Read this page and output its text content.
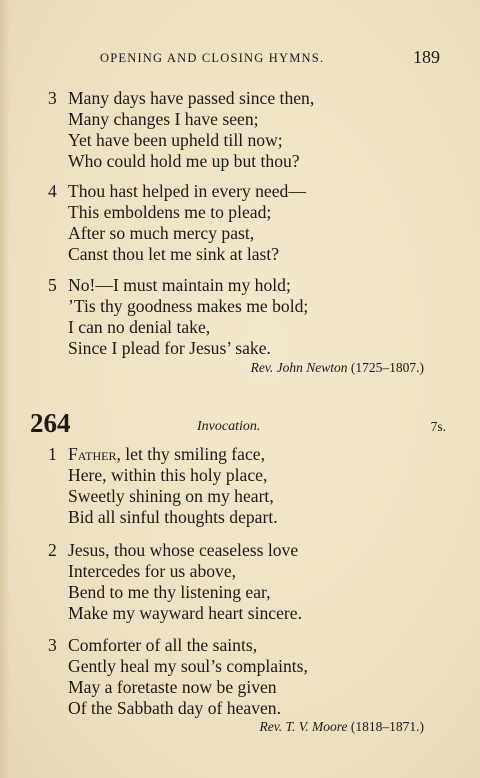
OPENING AND CLOSING HYMNS.	189
3 Many days have passed since then,
Many changes I have seen;
Yet have been upheld till now;
Who could hold me up but thou?
4 Thou hast helped in every need—
This emboldens me to plead;
After so much mercy past,
Canst thou let me sink at last?
5 No!—I must maintain my hold;
’Tis thy goodness makes me bold;
I can no denial take,
Since I plead for Jesus’ sake.
Rev. John Newton (1725–1807.)
264	Invocation.	7s.
1 Father, let thy smiling face,
Here, within this holy place,
Sweetly shining on my heart,
Bid all sinful thoughts depart.
2 Jesus, thou whose ceaseless love
Intercedes for us above,
Bend to me thy listening ear,
Make my wayward heart sincere.
3 Comforter of all the saints,
Gently heal my soul’s complaints,
May a foretaste now be given
Of the Sabbath day of heaven.
Rev. T. V. Moore (1818–1871.)
